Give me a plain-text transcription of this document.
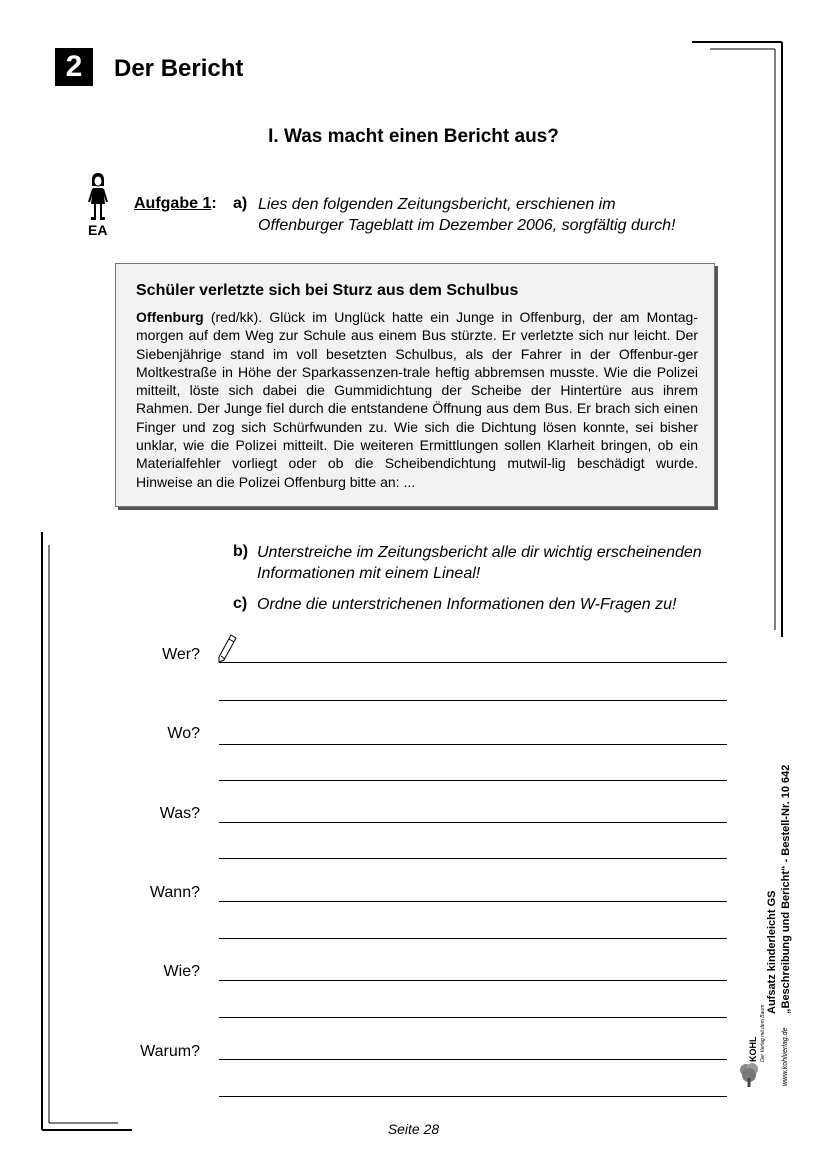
2	Der Bericht
I. Was macht einen Bericht aus?
EA
Aufgabe 1: a) Lies den folgenden Zeitungsbericht, erschienen im
Offenburger Tageblatt im Dezember 2006, sorgfältig durch!
Schüler verletzte sich bei Sturz aus dem Schulbus
Offenburg (red/kk). Glück im Unglück hatte ein Junge in Offenburg, der am Montag-morgen auf dem Weg zur Schule aus einem Bus stürzte. Er verletzte sich nur leicht. Der Siebenjährige stand im voll besetzten Schulbus, als der Fahrer in der Offenbur-ger Moltkestraße in Höhe der Sparkassenzen-trale heftig abbremsen musste. Wie die Polizei mitteilt, löste sich dabei die Gummidichtung der Scheibe der Hintertüre aus ihrem Rahmen. Der Junge fiel durch die entstandene Öffnung aus dem Bus. Er brach sich einen Finger und zog sich Schürfwunden zu. Wie sich die Dichtung lösen konnte, sei bisher unklar, wie die Polizei mitteilt. Die weiteren Ermittlungen sollen Klarheit bringen, ob ein Materialfehler vorliegt oder ob die Scheibendichtung mutwil-lig beschädigt wurde. Hinweise an die Polizei Offenburg bitte an: ...
b) Unterstreiche im Zeitungsbericht alle dir wichtig erscheinenden
Informationen mit einem Lineal!
c) Ordne die unterstrichenen Informationen den W-Fragen zu!
Wer?
Wo?
Was?
Wann?
Wie?
Warum?
Seite 28
Aufsatz kinderleicht GS „Beschreibung und Bericht“ - Bestell-Nr. 10 642
KOHL Der Verlag mit dem Baum www.kohlverlag.de
